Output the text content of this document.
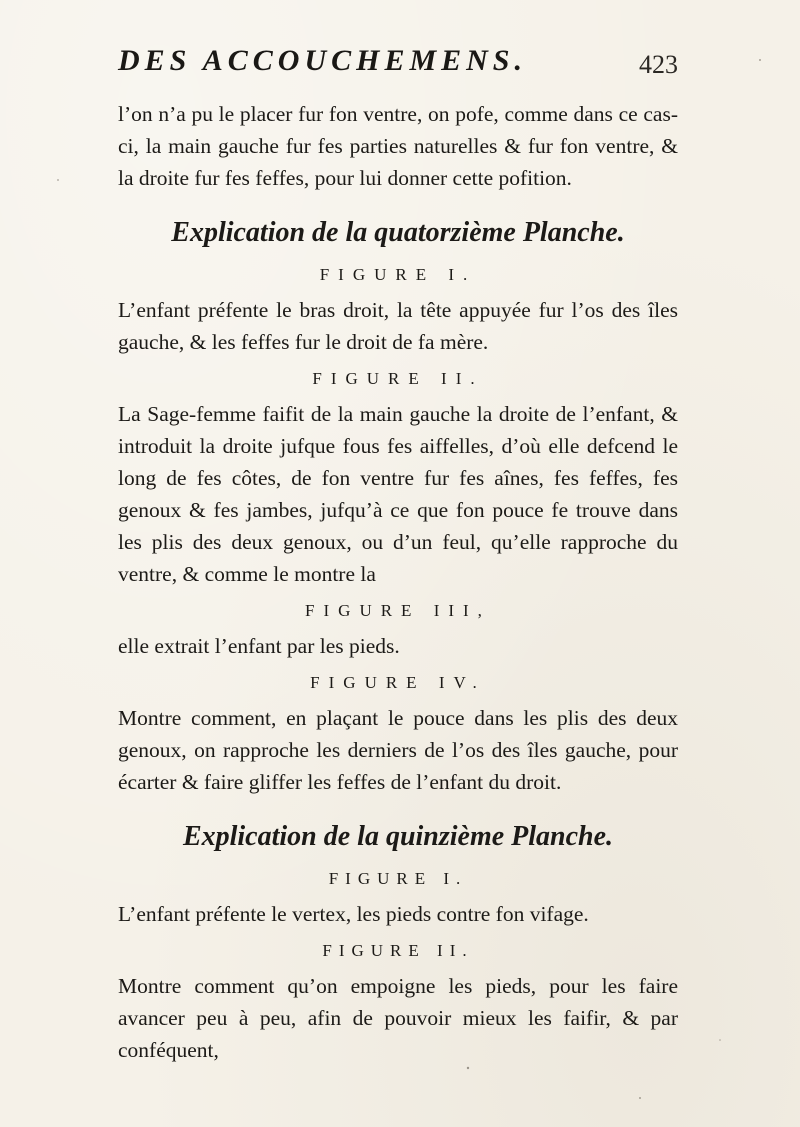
DES ACCOUCHEMENS.	423

l’on n’a pu le placer fur fon ventre, on pofe, comme dans ce cas-ci, la main gauche fur fes parties naturelles & fur fon ventre, & la droite fur fes feffes, pour lui donner cette pofition.

Explication de la quatorzième Planche.
FIGURE I.

L’enfant préfente le bras droit, la tête appuyée fur l’os des îles gauche, & les feffes fur le droit de fa mère.

FIGURE II.

La Sage-femme faifit de la main gauche la droite de l’enfant, & introduit la droite jufque fous fes aiffelles, d’où elle defcend le long de fes côtes, de fon ventre fur fes aînes, fes feffes, fes genoux & fes jambes, jufqu’à ce que fon pouce fe trouve dans les plis des deux genoux, ou d’un feul, qu’elle rapproche du ventre, & comme le montre la

FIGURE III,

elle extrait l’enfant par les pieds.

FIGURE IV.

Montre comment, en plaçant le pouce dans les plis des deux genoux, on rapproche les derniers de l’os des îles gauche, pour écarter & faire gliffer les feffes de l’enfant du droit.

Explication de la quinzième Planche.
FIGURE I.

L’enfant préfente le vertex, les pieds contre fon vifage.

FIGURE II.

Montre comment qu’on empoigne les pieds, pour les faire avancer peu à peu, afin de pouvoir mieux les faifir, & par conféquent,
